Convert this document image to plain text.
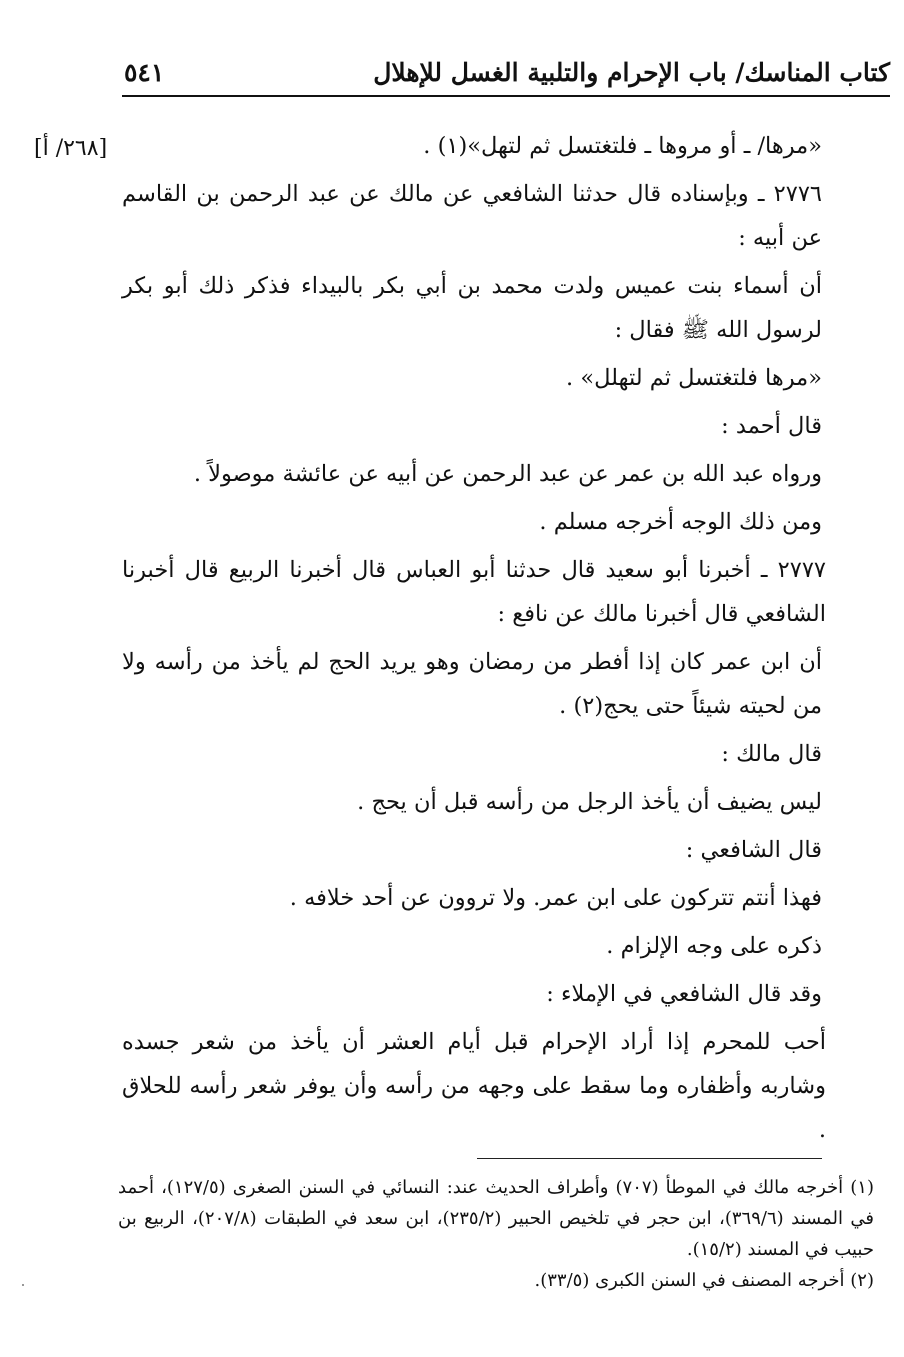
كتاب المناسك/ باب الإحرام والتلبية الغسل للإهلال
٥٤١
[٢٦٨/ أ]	«مرها/ ـ أو مروها ـ فلتغتسل ثم لتهل»(١) .

٢٧٧٦ ـ وبإسناده قال حدثنا الشافعي عن مالك عن عبد الرحمن بن القاسم عن أبيه :

أن أسماء بنت عميس ولدت محمد بن أبي بكر بالبيداء فذكر ذلك أبو بكر لرسول الله ﷺ فقال :

«مرها فلتغتسل ثم لتهلل» .

قال أحمد :

ورواه عبد الله بن عمر عن عبد الرحمن عن أبيه عن عائشة موصولاً .

ومن ذلك الوجه أخرجه مسلم .

٢٧٧٧ ـ أخبرنا أبو سعيد قال حدثنا أبو العباس قال أخبرنا الربيع قال أخبرنا الشافعي قال أخبرنا مالك عن نافع :

أن ابن عمر كان إذا أفطر من رمضان وهو يريد الحج لم يأخذ من رأسه ولا من لحيته شيئاً حتى يحج(٢) .

قال مالك :

ليس يضيف أن يأخذ الرجل من رأسه قبل أن يحج .

قال الشافعي :

فهذا أنتم تتركون على ابن عمر. ولا تروون عن أحد خلافه .

ذكره على وجه الإلزام .

وقد قال الشافعي في الإملاء :

أحب للمحرم إذا أراد الإحرام قبل أيام العشر أن يأخذ من شعر جسده وشاربه وأظفاره وما سقط على وجهه من رأسه وأن يوفر شعر رأسه للحلاق .

(١) أخرجه مالك في الموطأ (٧٠٧) وأطراف الحديث عند: النسائي في السنن الصغرى (١٢٧/٥)، أحمد في المسند (٣٦٩/٦)، ابن حجر في تلخيص الحبير (٢٣٥/٢)، ابن سعد في الطبقات (٢٠٧/٨)، الربيع بن حبيب في المسند (١٥/٢).

(٢) أخرجه المصنف في السنن الكبرى (٣٣/٥).
